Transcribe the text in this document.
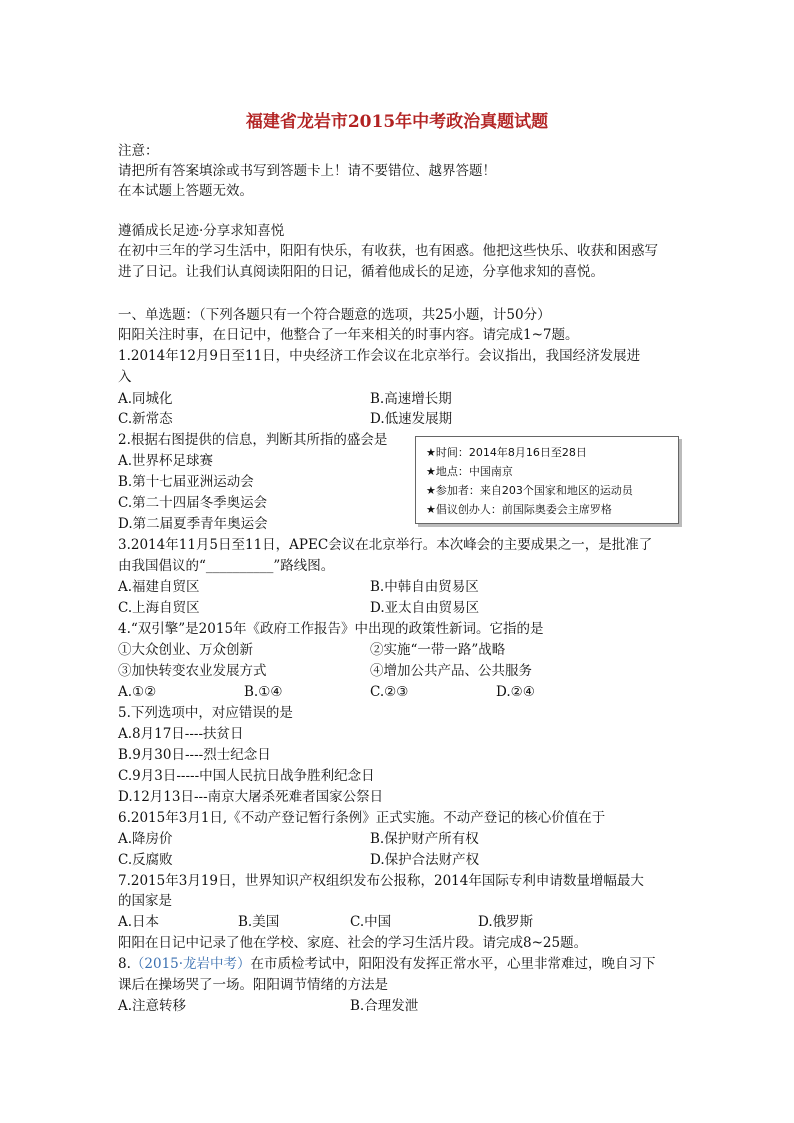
福建省龙岩市2015年中考政治真题试题
注意：
请把所有答案填涂或书写到答题卡上！请不要错位、越界答题！
在本试题上答题无效。
遵循成长足迹·分享求知喜悦
在初中三年的学习生活中，阳阳有快乐，有收获，也有困惑。他把这些快乐、收获和困惑写
进了日记。让我们认真阅读阳阳的日记，循着他成长的足迹，分享他求知的喜悦。
一、单选题：（下列各题只有一个符合题意的选项，共25小题，计50分）
阳阳关注时事，在日记中，他整合了一年来相关的时事内容。请完成1~7题。
1.2014年12月9日至11日，中央经济工作会议在北京举行。会议指出，我国经济发展进
入
A.同城化	B.高速增长期
C.新常态	D.低速发展期
2.根据右图提供的信息，判断其所指的盛会是
A.世界杯足球赛
B.第十七届亚洲运动会
C.第二十四届冬季奥运会
D.第二届夏季青年奥运会
★时间：2014年8月16日至28日
★地点：中国南京
★参加者：来自203个国家和地区的运动员
★倡议创办人：前国际奥委会主席罗格
3.2014年11月5日至11日，APEC会议在北京举行。本次峰会的主要成果之一，是批准了
由我国倡议的“__________”路线图。
A.福建自贸区	B.中韩自由贸易区
C.上海自贸区	D.亚太自由贸易区
4.“双引擎”是2015年《政府工作报告》中出现的政策性新词。它指的是
①大众创业、万众创新	②实施“一带一路”战略
③加快转变农业发展方式	④增加公共产品、公共服务
A.①②	B.①④	C.②③	D.②④
5.下列选项中，对应错误的是
A.8月17日----扶贫日
B.9月30日----烈士纪念日
C.9月3日-----中国人民抗日战争胜利纪念日
D.12月13日---南京大屠杀死难者国家公祭日
6.2015年3月1日,《不动产登记暂行条例》正式实施。不动产登记的核心价值在于
A.降房价	B.保护财产所有权
C.反腐败	D.保护合法财产权
7.2015年3月19日，世界知识产权组织发布公报称，2014年国际专利申请数量增幅最大
的国家是
A.日本	B.美国	C.中国	D.俄罗斯
阳阳在日记中记录了他在学校、家庭、社会的学习生活片段。请完成8~25题。
8.（2015·龙岩中考）在市质检考试中，阳阳没有发挥正常水平，心里非常难过，晚自习下
课后在操场哭了一场。阳阳调节情绪的方法是
A.注意转移	B.合理发泄
